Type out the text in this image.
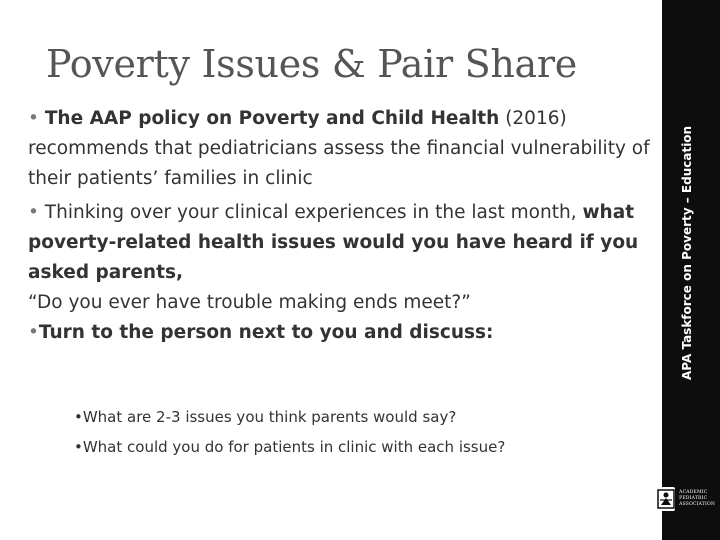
Poverty Issues & Pair Share

• The AAP policy on Poverty and Child Health (2016) recommends that pediatricians assess the financial vulnerability of their patients’ families in clinic

• Thinking over your clinical experiences in the last month, what poverty-related health issues would you have heard if you asked parents,
“Do you ever have trouble making ends meet?”

•Turn to the person next to you and discuss:

•What are 2-3 issues you think parents would say?

•What could you do for patients in clinic with each issue?

APA Taskforce on Poverty – Education
ACADEMIC
PEDIATRIC
ASSOCIATION
